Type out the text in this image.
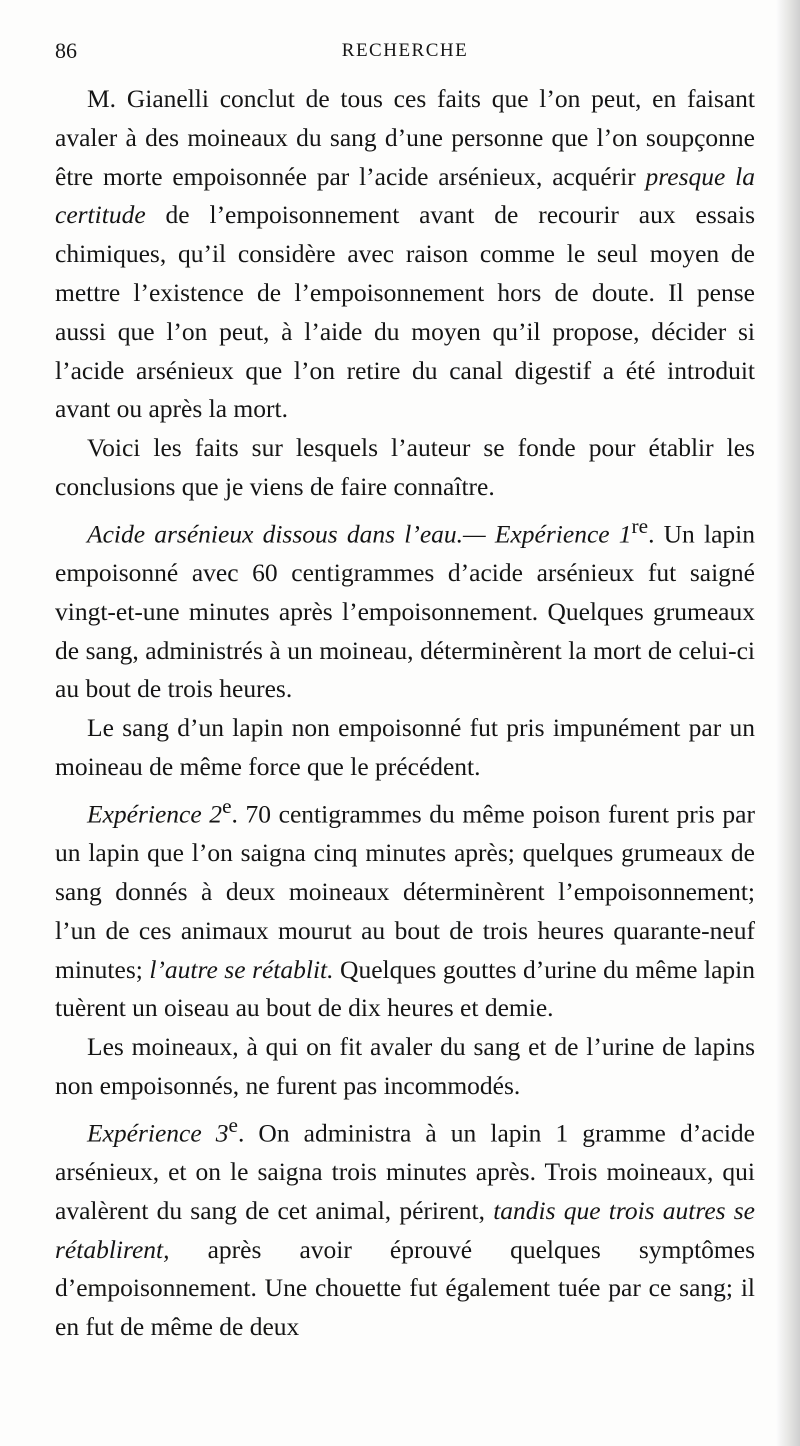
86	RECHERCHE

M. Gianelli conclut de tous ces faits que l’on peut, en faisant avaler à des moineaux du sang d’une personne que l’on soupçonne être morte empoisonnée par l’acide arsénieux, acquérir presque la certitude de l’empoisonnement avant de recourir aux essais chimiques, qu’il considère avec raison comme le seul moyen de mettre l’existence de l’empoisonnement hors de doute. Il pense aussi que l’on peut, à l’aide du moyen qu’il propose, décider si l’acide arsénieux que l’on retire du canal digestif a été introduit avant ou après la mort.

Voici les faits sur lesquels l’auteur se fonde pour établir les conclusions que je viens de faire connaître.

Acide arsénieux dissous dans l’eau.— Expérience 1re. Un lapin empoisonné avec 60 centigrammes d’acide arsénieux fut saigné vingt-et-une minutes après l’empoisonnement. Quelques grumeaux de sang, administrés à un moineau, déterminèrent la mort de celui-ci au bout de trois heures.

Le sang d’un lapin non empoisonné fut pris impunément par un moineau de même force que le précédent.

Expérience 2e. 70 centigrammes du même poison furent pris par un lapin que l’on saigna cinq minutes après; quelques grumeaux de sang donnés à deux moineaux déterminèrent l’empoisonnement; l’un de ces animaux mourut au bout de trois heures quarante-neuf minutes; l’autre se rétablit. Quelques gouttes d’urine du même lapin tuèrent un oiseau au bout de dix heures et demie.

Les moineaux, à qui on fit avaler du sang et de l’urine de lapins non empoisonnés, ne furent pas incommodés.

Expérience 3e. On administra à un lapin 1 gramme d’acide arsénieux, et on le saigna trois minutes après. Trois moineaux, qui avalèrent du sang de cet animal, périrent, tandis que trois autres se rétablirent, après avoir éprouvé quelques symptômes d’empoisonnement. Une chouette fut également tuée par ce sang; il en fut de même de deux
